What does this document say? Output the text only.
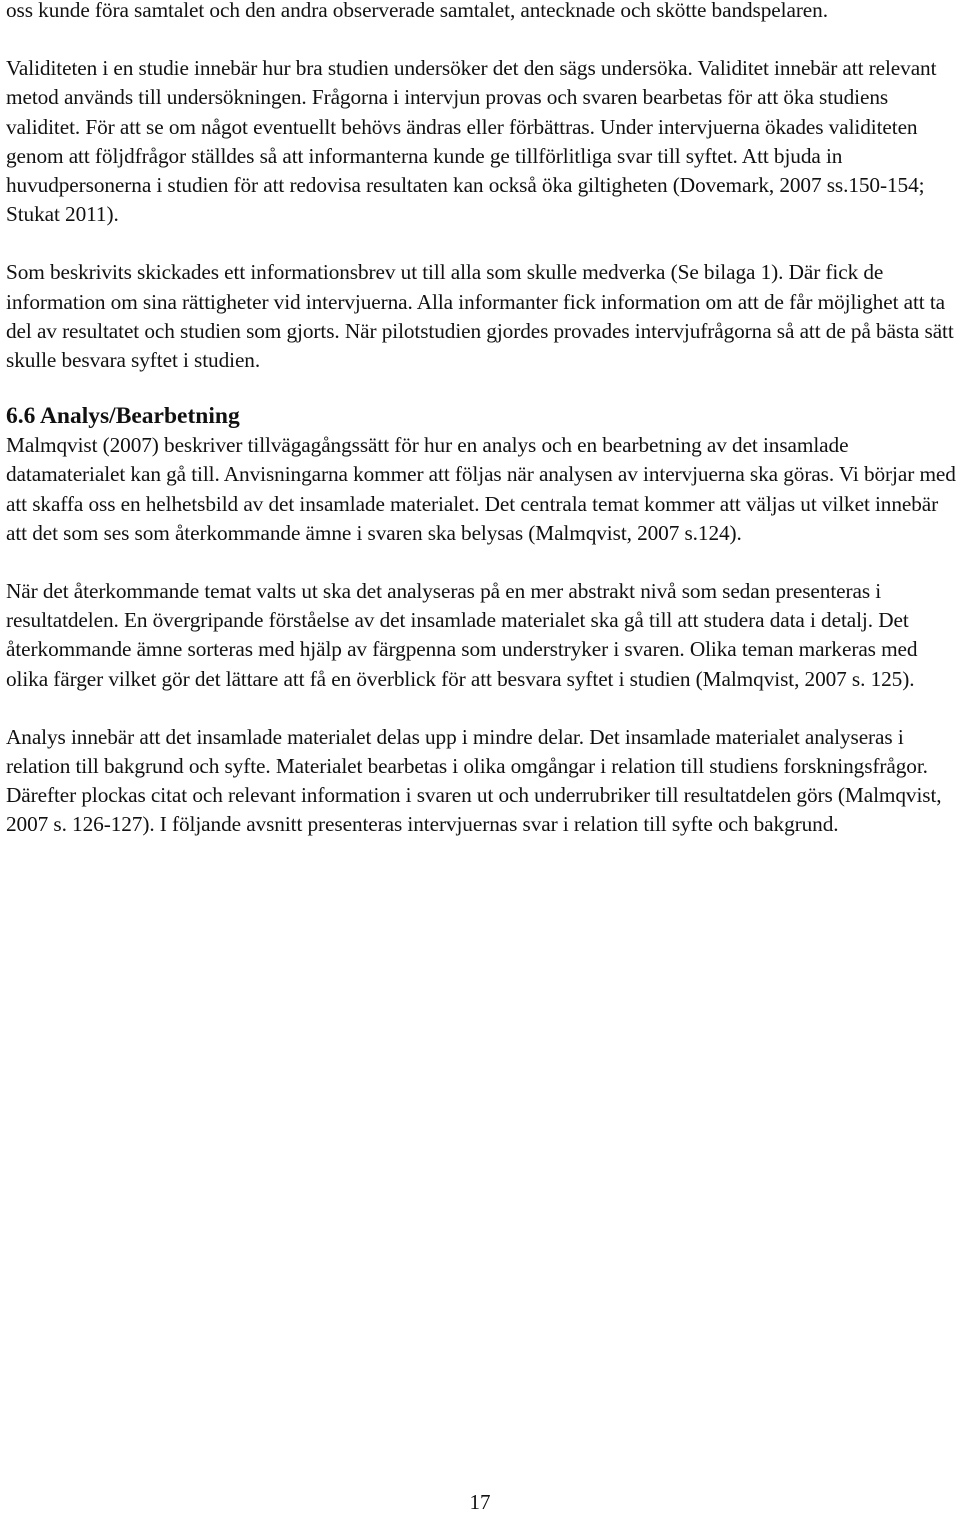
oss kunde föra samtalet och den andra observerade samtalet, antecknade och skötte bandspelaren.

Validiteten i en studie innebär hur bra studien undersöker det den sägs undersöka. Validitet innebär att relevant metod används till undersökningen. Frågorna i intervjun provas och svaren bearbetas för att öka studiens validitet. För att se om något eventuellt behövs ändras eller förbättras. Under intervjuerna ökades validiteten genom att följdfrågor ställdes så att informanterna kunde ge tillförlitliga svar till syftet. Att bjuda in huvudpersonerna i studien för att redovisa resultaten kan också öka giltigheten (Dovemark, 2007 ss.150-154; Stukat 2011).

Som beskrivits skickades ett informationsbrev ut till alla som skulle medverka (Se bilaga 1). Där fick de information om sina rättigheter vid intervjuerna. Alla informanter fick information om att de får möjlighet att ta del av resultatet och studien som gjorts. När pilotstudien gjordes provades intervjufrågorna så att de på bästa sätt skulle besvara syftet i studien.

6.6 Analys/Bearbetning

Malmqvist (2007) beskriver tillvägagångssätt för hur en analys och en bearbetning av det insamlade datamaterialet kan gå till. Anvisningarna kommer att följas när analysen av intervjuerna ska göras. Vi börjar med att skaffa oss en helhetsbild av det insamlade materialet. Det centrala temat kommer att väljas ut vilket innebär att det som ses som återkommande ämne i svaren ska belysas (Malmqvist, 2007 s.124).

När det återkommande temat valts ut ska det analyseras på en mer abstrakt nivå som sedan presenteras i resultatdelen. En övergripande förståelse av det insamlade materialet ska gå till att studera data i detalj. Det återkommande ämne sorteras med hjälp av färgpenna som understryker i svaren. Olika teman markeras med olika färger vilket gör det lättare att få en överblick för att besvara syftet i studien (Malmqvist, 2007 s. 125).

Analys innebär att det insamlade materialet delas upp i mindre delar. Det insamlade materialet analyseras i relation till bakgrund och syfte. Materialet bearbetas i olika omgångar i relation till studiens forskningsfrågor. Därefter plockas citat och relevant information i svaren ut och underrubriker till resultatdelen görs (Malmqvist, 2007 s. 126-127). I följande avsnitt presenteras intervjuernas svar i relation till syfte och bakgrund.

17
